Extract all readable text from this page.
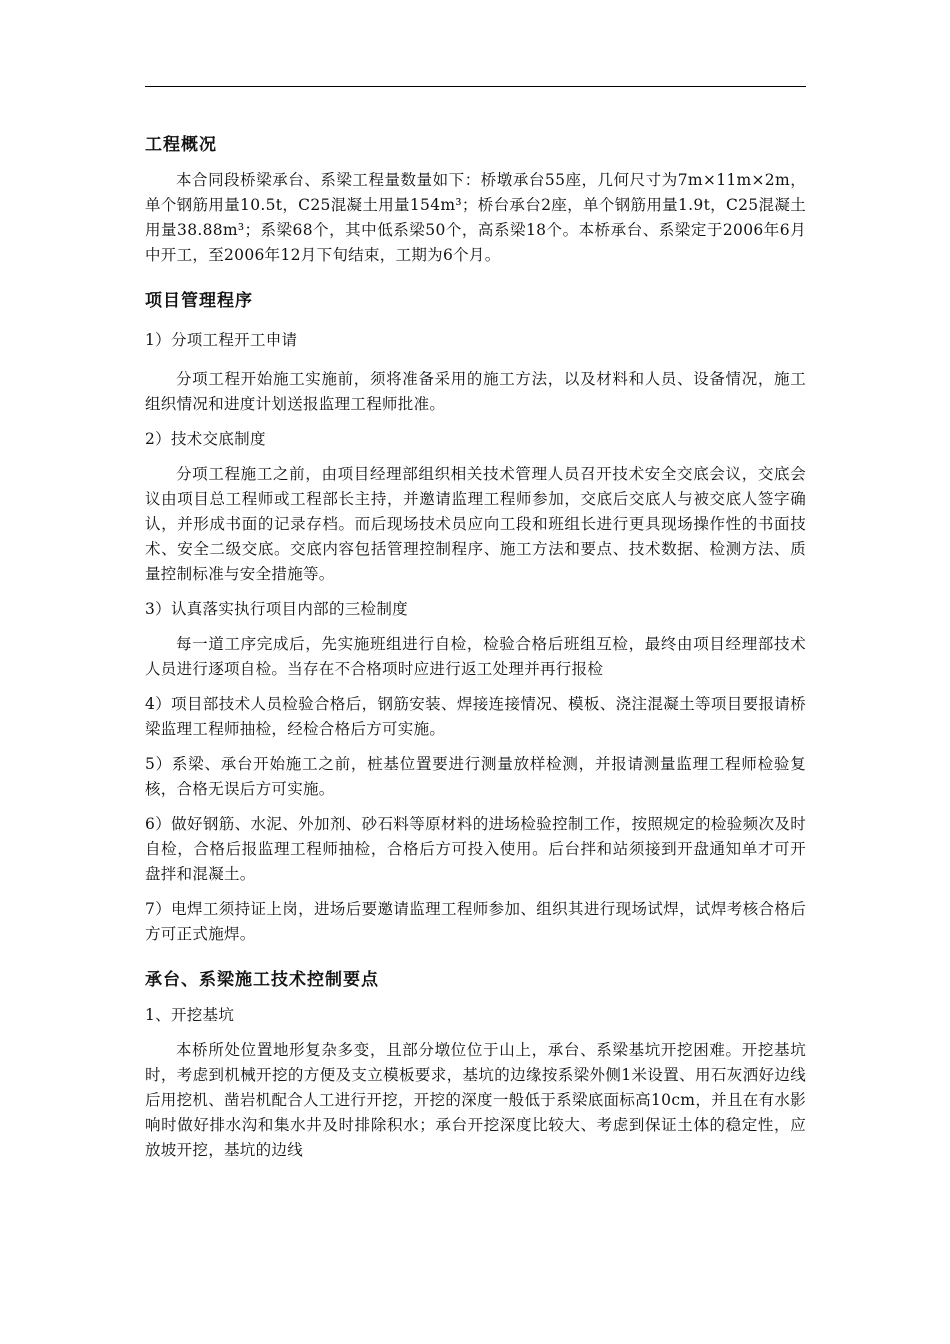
工程概况

本合同段桥梁承台、系梁工程量数量如下：桥墩承台55座，几何尺寸为7m×11m×2m，单个钢筋用量10.5t，C25混凝土用量154m³；桥台承台2座，单个钢筋用量1.9t，C25混凝土用量38.88m³；系梁68个，其中低系梁50个，高系梁18个。本桥承台、系梁定于2006年6月中开工，至2006年12月下旬结束，工期为6个月。

项目管理程序

1）分项工程开工申请

分项工程开始施工实施前，须将准备采用的施工方法，以及材料和人员、设备情况，施工组织情况和进度计划送报监理工程师批准。

2）技术交底制度

分项工程施工之前，由项目经理部组织相关技术管理人员召开技术安全交底会议，交底会议由项目总工程师或工程部长主持，并邀请监理工程师参加，交底后交底人与被交底人签字确认，并形成书面的记录存档。而后现场技术员应向工段和班组长进行更具现场操作性的书面技术、安全二级交底。交底内容包括管理控制程序、施工方法和要点、技术数据、检测方法、质量控制标准与安全措施等。

3）认真落实执行项目内部的三检制度

每一道工序完成后，先实施班组进行自检，检验合格后班组互检，最终由项目经理部技术人员进行逐项自检。当存在不合格项时应进行返工处理并再行报检

4）项目部技术人员检验合格后，钢筋安装、焊接连接情况、模板、浇注混凝土等项目要报请桥梁监理工程师抽检，经检合格后方可实施。

5）系梁、承台开始施工之前，桩基位置要进行测量放样检测，并报请测量监理工程师检验复核，合格无误后方可实施。

6）做好钢筋、水泥、外加剂、砂石料等原材料的进场检验控制工作，按照规定的检验频次及时自检，合格后报监理工程师抽检，合格后方可投入使用。后台拌和站须接到开盘通知单才可开盘拌和混凝土。

7）电焊工须持证上岗，进场后要邀请监理工程师参加、组织其进行现场试焊，试焊考核合格后方可正式施焊。

承台、系梁施工技术控制要点

1、开挖基坑

本桥所处位置地形复杂多变，且部分墩位位于山上，承台、系梁基坑开挖困难。开挖基坑时，考虑到机械开挖的方便及支立模板要求，基坑的边缘按系梁外侧1米设置、用石灰洒好边线后用挖机、凿岩机配合人工进行开挖，开挖的深度一般低于系梁底面标高10cm，并且在有水影响时做好排水沟和集水井及时排除积水；承台开挖深度比较大、考虑到保证土体的稳定性，应放坡开挖，基坑的边线
